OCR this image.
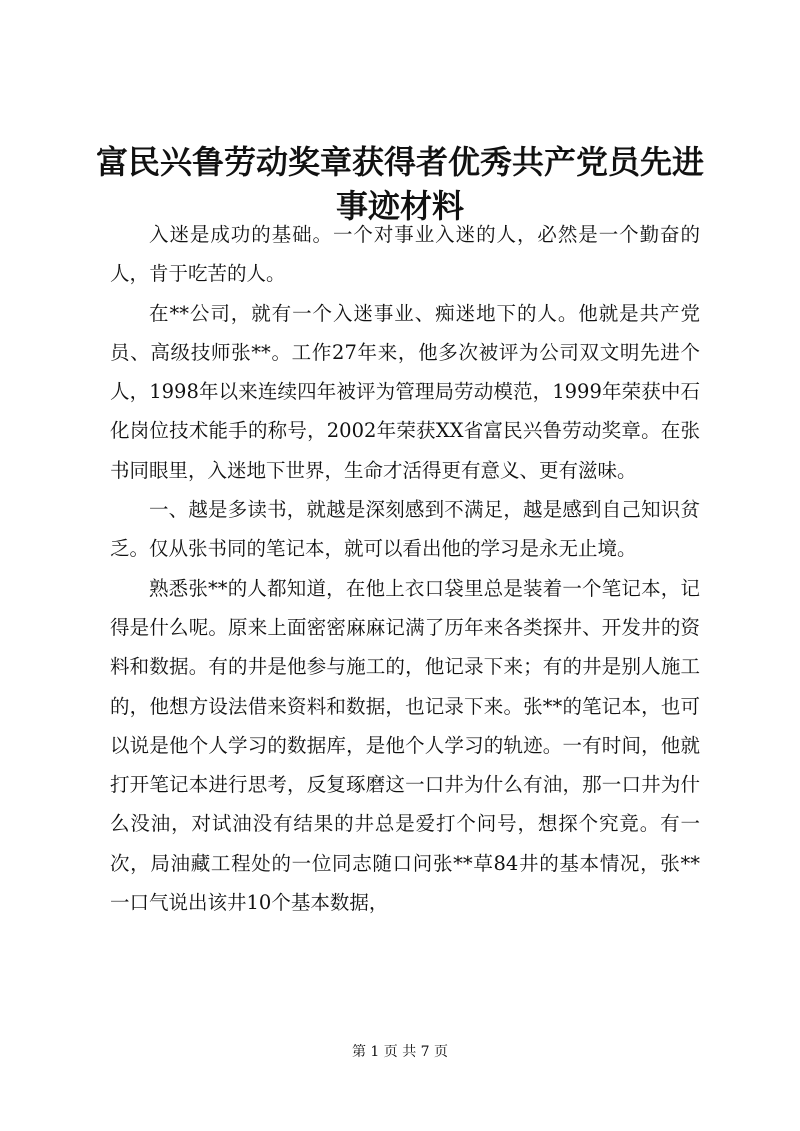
富民兴鲁劳动奖章获得者优秀共产党员先进事迹材料

入迷是成功的基础。一个对事业入迷的人，必然是一个勤奋的人，肯于吃苦的人。

在**公司，就有一个入迷事业、痴迷地下的人。他就是共产党员、高级技师张**。工作27年来，他多次被评为公司双文明先进个人，1998年以来连续四年被评为管理局劳动模范，1999年荣获中石化岗位技术能手的称号，2002年荣获XX省富民兴鲁劳动奖章。在张书同眼里，入迷地下世界，生命才活得更有意义、更有滋味。

一、越是多读书，就越是深刻感到不满足，越是感到自己知识贫乏。仅从张书同的笔记本，就可以看出他的学习是永无止境。

熟悉张**的人都知道，在他上衣口袋里总是装着一个笔记本，记得是什么呢。原来上面密密麻麻记满了历年来各类探井、开发井的资料和数据。有的井是他参与施工的，他记录下来；有的井是别人施工的，他想方设法借来资料和数据，也记录下来。张**的笔记本，也可以说是他个人学习的数据库，是他个人学习的轨迹。一有时间，他就打开笔记本进行思考，反复琢磨这一口井为什么有油，那一口井为什么没油，对试油没有结果的井总是爱打个问号，想探个究竟。有一次，局油藏工程处的一位同志随口问张**草84井的基本情况，张**一口气说出该井10个基本数据，

第 1 页 共 7 页
